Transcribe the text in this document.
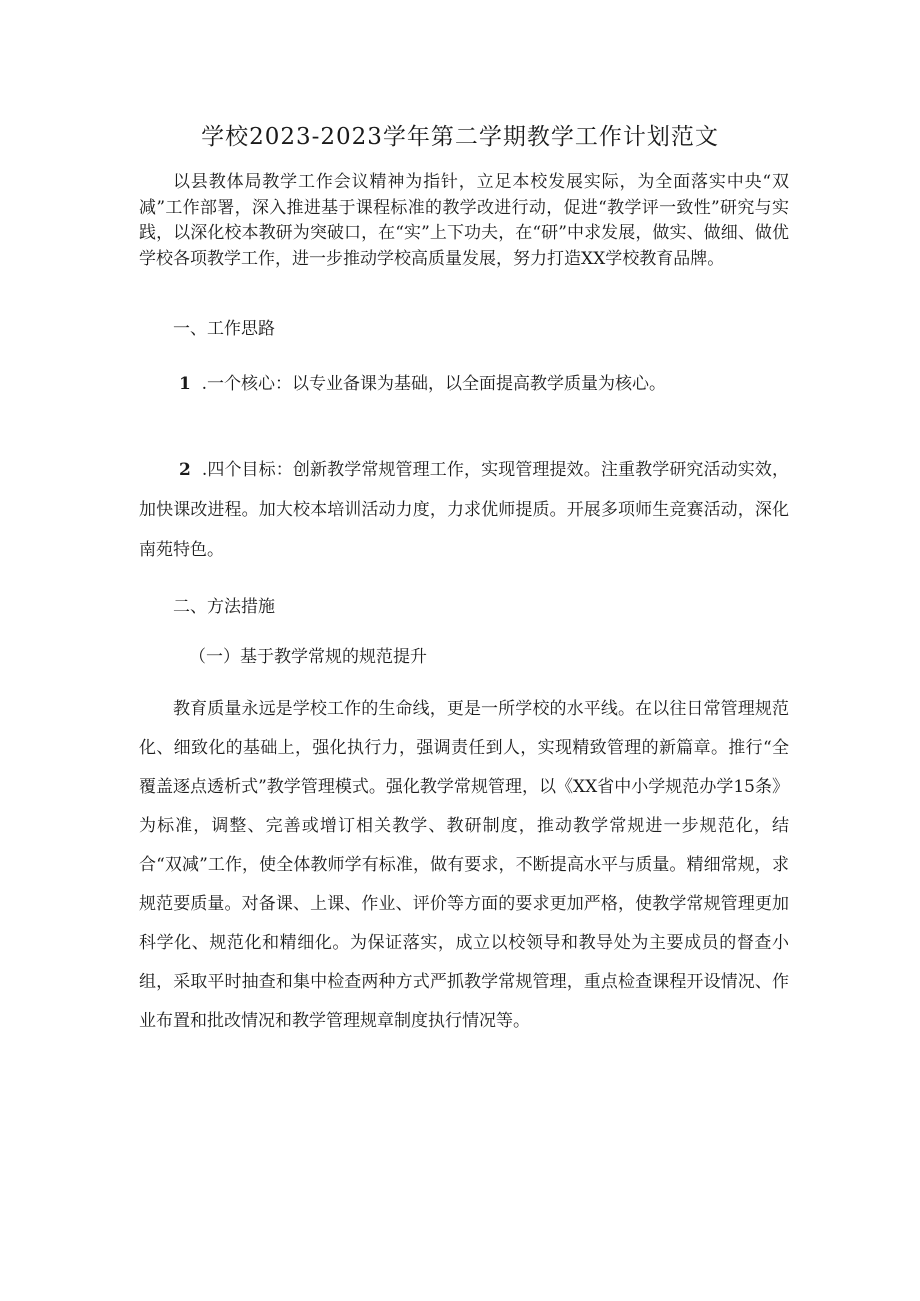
学校2023-2023学年第二学期教学工作计划范文

以县教体局教学工作会议精神为指针，立足本校发展实际，为全面落实中央“双减”工作部署，深入推进基于课程标准的教学改进行动，促进“教学评一致性”研究与实践，以深化校本教研为突破口，在“实”上下功夫，在“研”中求发展，做实、做细、做优学校各项教学工作，进一步推动学校高质量发展，努力打造XX学校教育品牌。

一、工作思路

1 .一个核心：以专业备课为基础，以全面提高教学质量为核心。

2 .四个目标：创新教学常规管理工作，实现管理提效。注重教学研究活动实效，加快课改进程。加大校本培训活动力度，力求优师提质。开展多项师生竞赛活动，深化南苑特色。

二、方法措施

（一）基于教学常规的规范提升

教育质量永远是学校工作的生命线，更是一所学校的水平线。在以往日常管理规范化、细致化的基础上，强化执行力，强调责任到人，实现精致管理的新篇章。推行“全覆盖逐点透析式”教学管理模式。强化教学常规管理，以《XX省中小学规范办学15条》为标准，调整、完善或增订相关教学、教研制度，推动教学常规进一步规范化，结合“双减”工作，使全体教师学有标准，做有要求，不断提高水平与质量。精细常规，求规范要质量。对备课、上课、作业、评价等方面的要求更加严格，使教学常规管理更加科学化、规范化和精细化。为保证落实，成立以校领导和教导处为主要成员的督查小组，采取平时抽查和集中检查两种方式严抓教学常规管理，重点检查课程开设情况、作业布置和批改情况和教学管理规章制度执行情况等。
